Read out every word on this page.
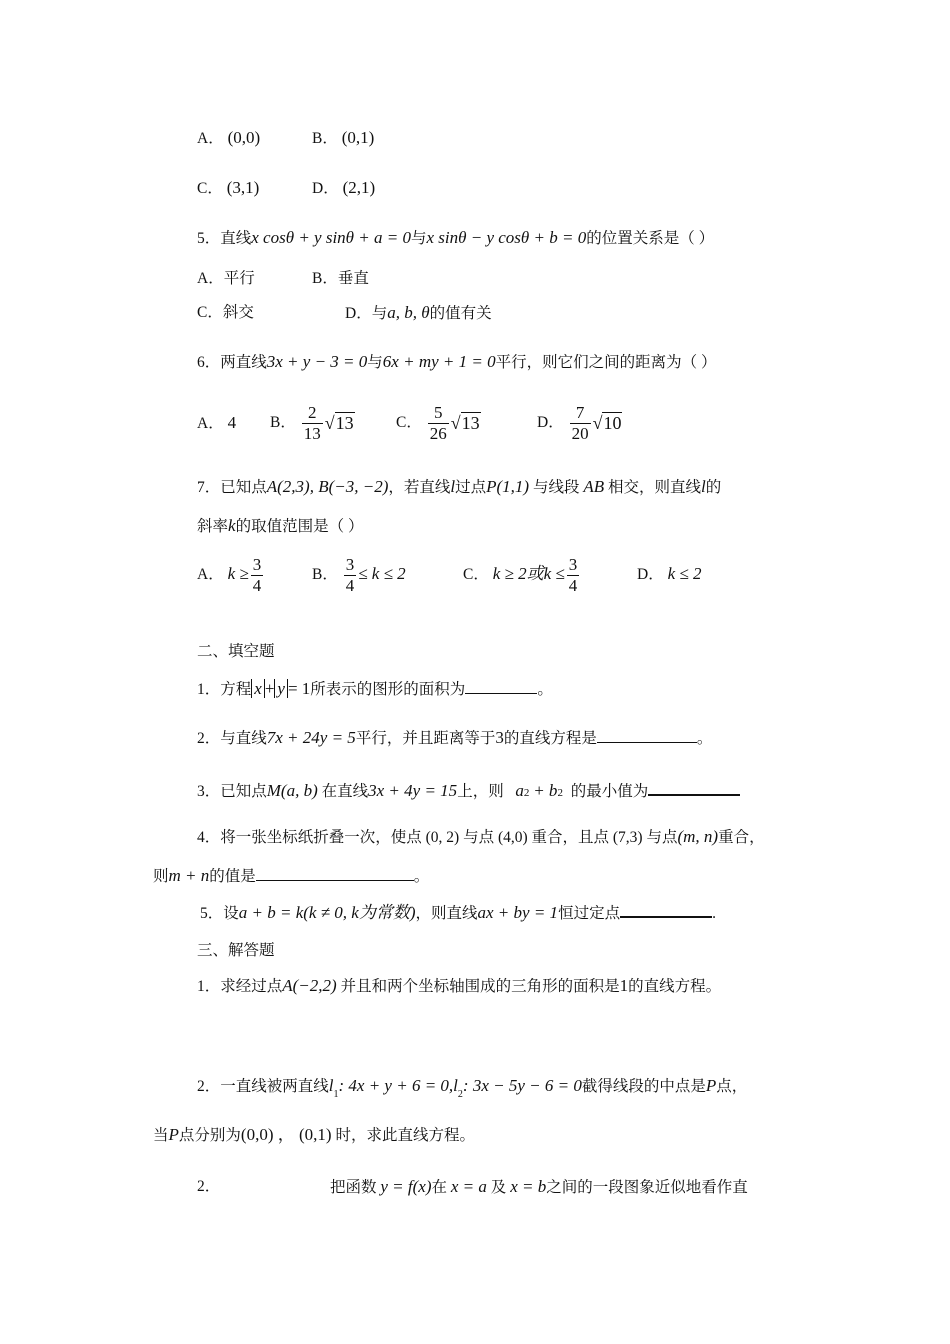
A． (0,0)	B． (0,1)
C． (3,1)	D． (2,1)
5．直线x cosθ + y sinθ + a = 0与x sinθ − y cosθ + b = 0的位置关系是（ ）
A．平行	B．垂直
C．斜交	D．与a, b, θ的值有关
6．两直线3x + y − 3 = 0与6x + my + 1 = 0平行，则它们之间的距离为（ ）
A． 4 B． $\frac{2}{13} √13$	C． $\frac{5}{26} √13$	D． $\frac{7}{20} √10$
7．已知点A(2,3), B(−3, −2)，若直线l过点P(1,1) 与线段 AB 相交，则直线l的
斜率k的取值范围是（ ）
A． $k \ge \frac{3}{4}$	B． $\frac{3}{4} \le k \le 2$	C． k ≥ 2或$k \le \frac{3}{4}$	D． k ≤ 2
二、填空题
1．方程 x + y = 1所表示的图形的面积为	。
2．与直线7x + 24y = 5平行，并且距离等于3的直线方程是	。
3．已知点M(a, b) 在直线3x + 4y = 15上，则 a2 + b2 的最小值为
4．将一张坐标纸折叠一次，使点 (0, 2) 与点 (4,0) 重合，且点 (7,3) 与点(m, n)重合，
则m + n的值是	。
5．设a + b = k(k ≠ 0, k为常数)，则直线ax + by = 1恒过定点	.
三、解答题
1．求经过点A(−2,2) 并且和两个坐标轴围成的三角形的面积是1的直线方程。
2．一直线被两直线$l_1$: $4x + y + 6 = 0,l_2$: 3x − 5y − 6 = 0截得线段的中点是P点，
当P点分别为(0,0) ， (0,1) 时，求此直线方程。
2．	把函数 y = f(x)在 x = a 及 x = b之间的一段图象近似地看作直
